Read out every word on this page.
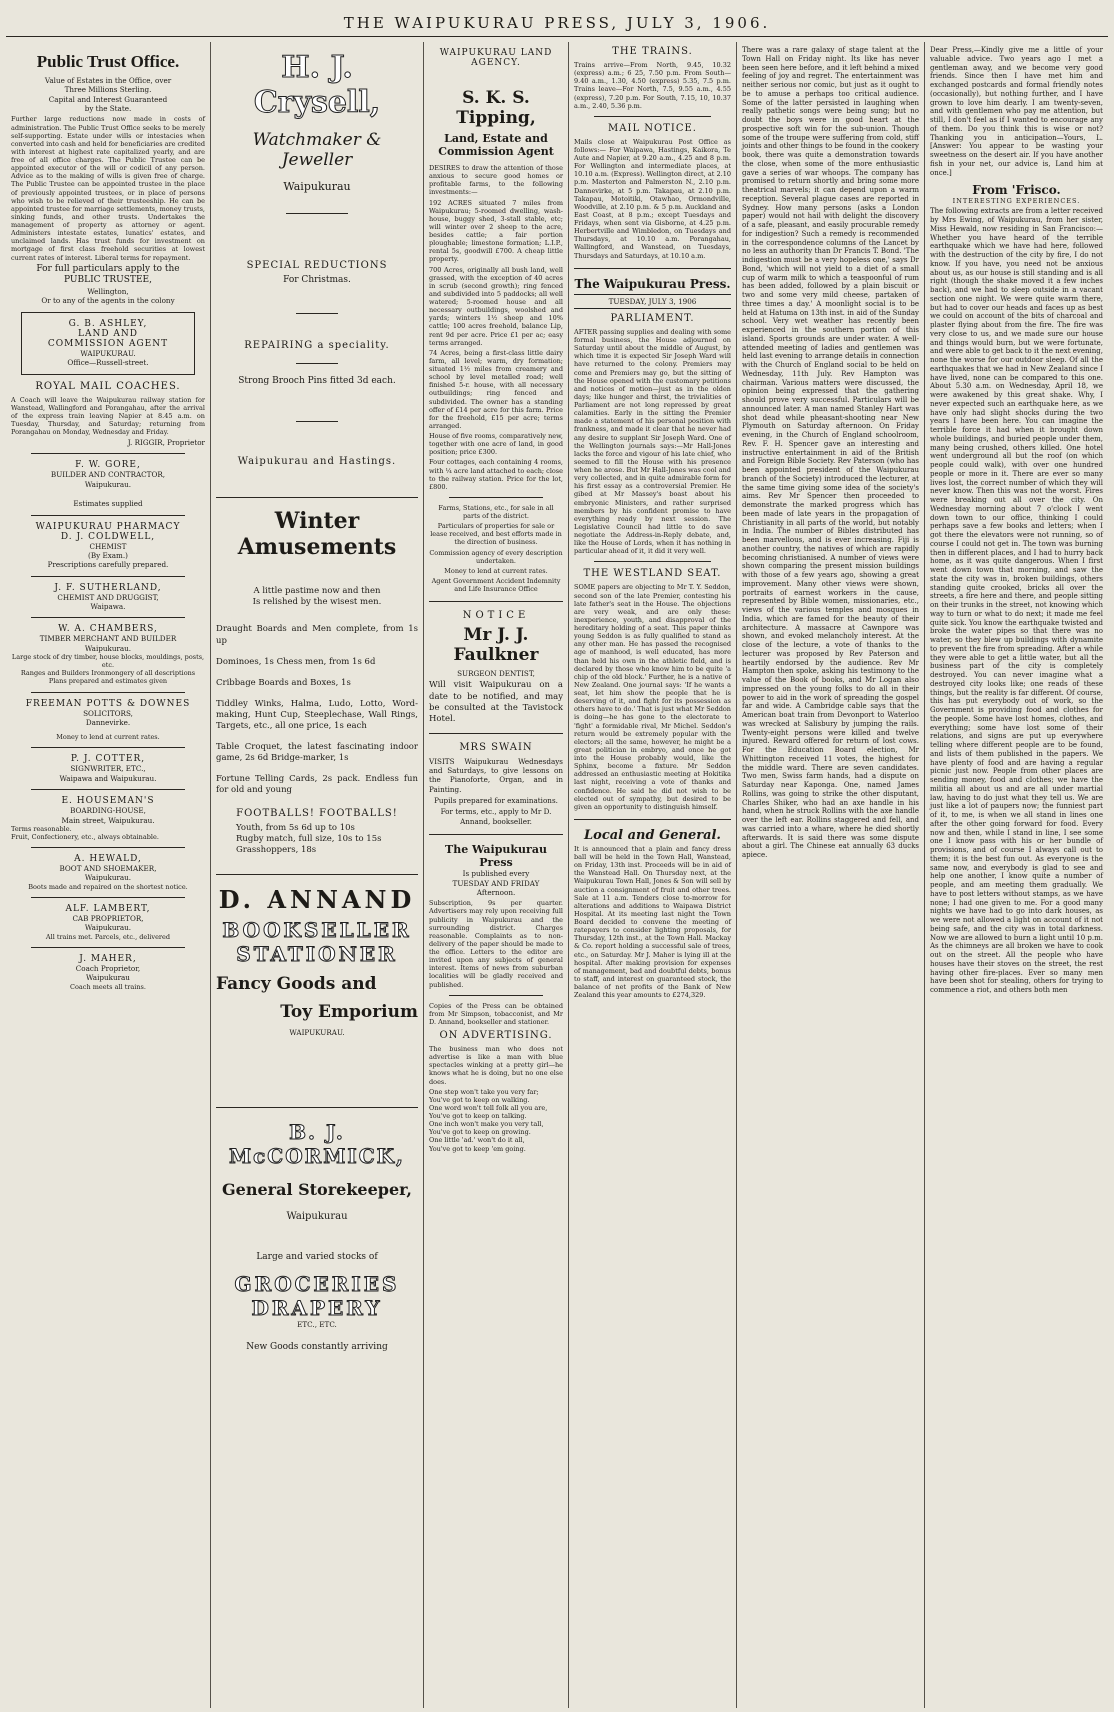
THE WAIPUKURAU PRESS, JULY 3, 1906.
Public Trust Office.
Value of Estates in the Office, over
Three Millions Sterling.
Capital and Interest Guaranteed
by the State.

Further large reductions now made in costs of administration. The Public Trust Office seeks to be merely self-supporting. Estate under wills or intestacies when converted into cash and held for beneficiaries are credited with interest at highest rate capitalized yearly, and are free of all office charges. The Public Trustee can be appointed executor of the will or codicil of any person. Advice as to the making of wills is given free of charge. The Public Trustee can be appointed trustee in the place of previously appointed trustees, or in place of persons who wish to be relieved of their trusteeship. He can be appointed trustee for marriage settlements, money trusts, sinking funds, and other trusts. Undertakes the management of property as attorney or agent. Administers intestate estates, lunatics' estates, and unclaimed lands. Has trust funds for investment on mortgage of first class freehold securities at lowest current rates of interest. Liberal terms for repayment.

For full particulars apply to the
PUBLIC TRUSTEE,
Wellington,
Or to any of the agents in the colony
G. B. ASHLEY,
LAND AND
COMMISSION AGENT
WAIPUKURAU.
Office—Russell-street.
ROYAL MAIL COACHES.

A Coach will leave the Waipukurau railway station for Wanstead, Wallingford and Porangahau, after the arrival of the express train leaving Napier at 8.45 a.m. on Tuesday, Thursday, and Saturday; returning from Porangahau on Monday, Wednesday and Friday.

J. RIGGIR, Proprietor
F. W. GORE,
BUILDER AND CONTRACTOR,
Waipukurau.
Estimates supplied
WAIPUKURAU PHARMACY
D. J. COLDWELL,
CHEMIST
(By Exam.)
Prescriptions carefully prepared.
J. F. SUTHERLAND,
CHEMIST AND DRUGGIST,
Waipawa.
W. A. CHAMBERS,
TIMBER MERCHANT AND BUILDER
Waipukurau.
Large stock of dry timber, house blocks, mouldings, posts, etc.
Ranges and Builders Ironmongery of all descriptions
Plans prepared and estimates given
FREEMAN POTTS & DOWNES
SOLICITORS,
Dannevirke.
Money to lend at current rates.
P. J. COTTER,
SIGNWRITER, ETC.,
Waipawa and Waipukurau.
E. HOUSEMAN'S
BOARDING-HOUSE,
Main street, Waipukurau.
Terms reasonable.
Fruit, Confectionery, etc., always obtainable.
A. HEWALD,
BOOT AND SHOEMAKER,
Waipukurau.
Boots made and repaired on the shortest notice.
ALF. LAMBERT,
CAB PROPRIETOR,
Waipukurau.
All trains met. Parcels, etc., delivered
J. MAHER,
Coach Proprietor,
Waipukurau
Coach meets all trains.
H. J. Crysell,
Watchmaker & Jeweller
Waipukurau
SPECIAL REDUCTIONS
For Christmas.
REPAIRING a speciality.
Strong Brooch Pins fitted 3d each.
Waipukurau and Hastings.
Winter Amusements
A little pastime now and then
Is relished by the wisest men.

Draught Boards and Men complete, from 1s up

Dominoes, 1s Chess men, from 1s 6d

Cribbage Boards and Boxes, 1s

Tiddley Winks, Halma, Ludo, Lotto, Word-making, Hunt Cup, Steeplechase, Wall Rings, Targets, etc., all one price, 1s each

Table Croquet, the latest fascinating indoor game, 2s 6d Bridge-marker, 1s

Fortune Telling Cards, 2s pack. Endless fun for old and young

FOOTBALLS! FOOTBALLS!
Youth, from 5s 6d up to 10s
Rugby match, full size, 10s to 15s
Grasshoppers, 18s
D. ANNAND
BOOKSELLER
STATIONER
Fancy Goods and
Toy Emporium
WAIPUKURAU.
B. J. McCORMICK,
General Storekeeper,
Waipukurau
Large and varied stocks of
GROCERIES
DRAPERY
ETC., ETC.
New Goods constantly arriving
WAIPUKURAU LAND
AGENCY.
S. K. S. Tipping,
Land, Estate and
Commission Agent

DESIRES to draw the attention of those anxious to secure good homes or profitable farms, to the following investments:—

192 ACRES situated 7 miles from Waipukurau; 5-roomed dwelling, wash-house, buggy shed, 3-stall stable, etc; will winter over 2 sheep to the acre, besides cattle; a fair portion ploughable; limestone formation; L.I.P., rental 5s, goodwill £700. A cheap little property.

700 Acres, originally all bush land, well grassed, with the exception of 40 acres in scrub (second growth); ring fenced and subdivided into 5 paddocks; all well watered; 5-roomed house and all necessary outbuildings, woolshed and yards; winters 1½ sheep and 10% cattle; 100 acres freehold, balance Lip, rent 9d per acre. Price £1 per ac; easy terms arranged.

74 Acres, being a first-class little dairy farm, all level; warm, dry formation; situated 1½ miles from creamery and school by level metalled road; well finished 5-r. house, with all necessary outbuildings; ring fenced and subdivided. The owner has a standing offer of £14 per acre for this farm. Price for the freehold, £15 per acre; terms arranged.

House of five rooms, comparatively new, together with one acre of land, in good position; price £300.

Four cottages, each containing 4 rooms, with ¼ acre land attached to each; close to the railway station. Price for the lot, £800.

Farms, Stations, etc., for sale in all parts of the district.

Particulars of properties for sale or lease received, and best efforts made in the direction of business.

Commission agency of every description undertaken.

Money to lend at current rates.

Agent Government Accident Indemnity and Life Insurance Office

NOTICE
Mr J. J. Faulkner
SURGEON DENTIST,

Will visit Waipukurau on a date to be notified, and may be consulted at the Tavistock Hotel.

MRS SWAIN

VISITS Waipukurau Wednesdays and Saturdays, to give lessons on the Pianoforte, Organ, and in Painting.

Pupils prepared for examinations.

For terms, etc., apply to Mr D. Annand, bookseller.

The Waipukurau Press
Is published every
TUESDAY AND FRIDAY
Afternoon.

Subscription, 9s per quarter. Advertisers may rely upon receiving full publicity in Waipukurau and the surrounding district. Charges reasonable. Complaints as to non-delivery of the paper should be made to the office. Letters to the editor are invited upon any subjects of general interest. Items of news from suburban localities will be gladly received and published.

Copies of the Press can be obtained from Mr Simpson, tobacconist, and Mr D. Annand, bookseller and stationer.

ON ADVERTISING.

The business man who does not advertise is like a man with blue spectacles winking at a pretty girl—he knows what he is doing, but no one else does.

One step won't take you very far;
You've got to keep on walking.
One word won't tell folk all you are,
You've got to keep on talking.
One inch won't make you very tall,
You've got to keep on growing.
One little 'ad.' won't do it all,
You've got to keep 'em going.
THE TRAINS.

Trains arrive—From North, 9.45, 10.32 (express) a.m.; 6 25, 7.50 p.m. From South—9.40 a.m., 1.30, 4.50 (express) 5.35, 7.5 p.m. Trains leave—For North, 7.5, 9.55 a.m., 4.55 (express), 7.20 p.m. For South, 7.15, 10, 10.37 a.m., 2.40, 5.36 p.m.

MAIL NOTICE.

Mails close at Waipukurau Post Office as follows:— For Waipawa, Hastings, Kaikora, Te Aute and Napier, at 9.20 a.m., 4.25 and 8 p.m. For Wellington and intermediate places, at 10.10 a.m. (Express). Wellington direct, at 2.10 p.m. Masterton and Palmerston N., 2.10 p.m. Dannevirke, at 5 p.m. Takapau, at 2.10 p.m. Takapau, Motoitiki, Otawhao, Ormondville, Woodville, at 2.10 p.m. & 5 p.m. Auckland and East Coast, at 8 p.m.; except Tuesdays and Fridays, when sent via Gisborne, at 4.25 p.m. Herbertville and Wimbledon, on Tuesdays and Thursdays, at 10.10 a.m. Porangahau, Wallingford, and Wanstead, on Tuesdays, Thursdays and Saturdays, at 10.10 a.m.

The Waipukurau Press.
TUESDAY, JULY 3, 1906
PARLIAMENT.

AFTER passing supplies and dealing with some formal business, the House adjourned on Saturday until about the middle of August, by which time it is expected Sir Joseph Ward will have returned to the colony. Premiers may come and Premiers may go, but the sitting of the House opened with the customary petitions and notices of motion—just as in the olden days; like hunger and thirst, the trivialities of Parliament are not long repressed by great calamities. Early in the sitting the Premier made a statement of his personal position with frankness, and made it clear that he never had any desire to supplant Sir Joseph Ward. One of the Wellington journals says:—Mr Hall-Jones lacks the force and vigour of his late chief, who seemed to fill the House with his presence when he arose. But Mr Hall-Jones was cool and very collected, and in quite admirable form for his first essay as a controversial Premier. He gibed at Mr Massey's boast about his embryonic Ministers, and rather surprised members by his confident promise to have everything ready by next session. The Legislative Council had little to do save negotiate the Address-in-Reply debate, and, like the House of Lords, when it has nothing in particular ahead of it, it did it very well.

THE WESTLAND SEAT.

SOME papers are objecting to Mr T. Y. Seddon, second son of the late Premier, contesting his late father's seat in the House. The objections are very weak, and are only these: inexperience, youth, and disapproval of the hereditary holding of a seat. This paper thinks young Seddon is as fully qualified to stand as any other man. He has passed the recognised age of manhood, is well educated, has more than held his own in the athletic field, and is declared by those who know him to be quite 'a chip of the old block.' Further, he is a native of New Zealand. One journal says: 'If he wants a seat, let him show the people that he is deserving of it, and fight for its possession as others have to do.' That is just what Mr Seddon is doing—he has gone to the electorate to 'fight' a formidable rival, Mr Michel. Seddon's return would be extremely popular with the electors; all the same, however, he might be a great politician in embryo, and once he got into the House probably would, like the Sphinx, become a fixture. Mr Seddon addressed an enthusiastic meeting at Hokitika last night, receiving a vote of thanks and confidence. He said he did not wish to be elected out of sympathy, but desired to be given an opportunity to distinguish himself.

Local and General.

It is announced that a plain and fancy dress ball will be held in the Town Hall, Wanstead, on Friday, 13th inst. Proceeds will be in aid of the Wanstead Hall. On Thursday next, at the Waipukurau Town Hall, Jones & Son will sell by auction a consignment of fruit and other trees. Sale at 11 a.m. Tenders close to-morrow for alterations and additions to Waipawa District Hospital. At its meeting last night the Town Board decided to convene the meeting of ratepayers to consider lighting proposals, for Thursday, 12th inst., at the Town Hall. Mackay & Co. report holding a successful sale of trees, etc., on Saturday. Mr J. Maher is lying ill at the hospital. After making provision for expenses of management, bad and doubtful debts, bonus to staff, and interest on guaranteed stock, the balance of net profits of the Bank of New Zealand this year amounts to £274,329.

There was a rare galaxy of stage talent at the Town Hall on Friday night. Its like has never been seen here before, and it left behind a mixed feeling of joy and regret. The entertainment was neither serious nor comic, but just as it ought to be to amuse a perhaps too critical audience. Some of the latter persisted in laughing when really pathetic songs were being sung; but no doubt the boys were in good heart at the prospective soft win for the sub-union. Though some of the troupe were suffering from cold, stiff joints and other things to be found in the cookery book, there was quite a demonstration towards the close, when some of the more enthusiastic gave a series of war whoops. The company has promised to return shortly and bring some more theatrical marvels; it can depend upon a warm reception. Several plague cases are reported in Sydney. How many persons (asks a London paper) would not hail with delight the discovery of a safe, pleasant, and easily procurable remedy for indigestion? Such a remedy is recommended in the correspondence columns of the Lancet by no less an authority than Dr Francis T. Bond. 'The indigestion must be a very hopeless one,' says Dr Bond, 'which will not yield to a diet of a small cup of warm milk to which a teaspoonful of rum has been added, followed by a plain biscuit or two and some very mild cheese, partaken of three times a day.' A moonlight social is to be held at Hatuma on 13th inst. in aid of the Sunday school. Very wet weather has recently been experienced in the southern portion of this island. Sports grounds are under water. A well-attended meeting of ladies and gentlemen was held last evening to arrange details in connection with the Church of England social to be held on Wednesday, 11th July. Rev Hampton was chairman. Various matters were discussed, the opinion being expressed that the gathering should prove very successful. Particulars will be announced later. A man named Stanley Hart was shot dead while pheasant-shooting near New Plymouth on Saturday afternoon. On Friday evening, in the Church of England schoolroom, Rev. F. H. Spencer gave an interesting and instructive entertainment in aid of the British and Foreign Bible Society. Rev Paterson (who has been appointed president of the Waipukurau branch of the Society) introduced the lecturer, at the same time giving some idea of the society's aims. Rev Mr Spencer then proceeded to demonstrate the marked progress which has been made of late years in the propagation of Christianity in all parts of the world, but notably in India. The number of Bibles distributed has been marvellous, and is ever increasing. Fiji is another country, the natives of which are rapidly becoming christianised. A number of views were shown comparing the present mission buildings with those of a few years ago, showing a great improvement. Many other views were shown, portraits of earnest workers in the cause, represented by Bible women, missionaries, etc., views of the various temples and mosques in India, which are famed for the beauty of their architecture. A massacre at Cawnpore was shown, and evoked melancholy interest. At the close of the lecture, a vote of thanks to the lecturer was proposed by Rev Paterson and heartily endorsed by the audience. Rev Mr Hampton then spoke, asking his testimony to the value of the Book of books, and Mr Logan also impressed on the young folks to do all in their power to aid in the work of spreading the gospel far and wide. A Cambridge cable says that the American boat train from Devonport to Waterloo was wrecked at Salisbury by jumping the rails. Twenty-eight persons were killed and twelve injured. Reward offered for return of lost cows. For the Education Board election, Mr Whittington received 11 votes, the highest for the middle ward. There are seven candidates. Two men, Swiss farm hands, had a dispute on Saturday near Kaponga. One, named James Rollins, was going to strike the other disputant, Charles Shiker, who had an axe handle in his hand, when he struck Rollins with the axe handle over the left ear. Rollins staggered and fell, and was carried into a whare, where he died shortly afterwards. It is said there was some dispute about a girl. The Chinese eat annually 63 ducks apiece.

Dear Press,—Kindly give me a little of your valuable advice. Two years ago I met a gentleman away, and we become very good friends. Since then I have met him and exchanged postcards and formal friendly notes (occasionally), but nothing further, and I have grown to love him dearly. I am twenty-seven, and with gentlemen who pay me attention, but still, I don't feel as if I wanted to encourage any of them. Do you think this is wise or not? Thanking you in anticipation—Yours, L. [Answer: You appear to be wasting your sweetness on the desert air. If you have another fish in your net, our advice is, Land him at once.]

From 'Frisco.
INTERESTING EXPERIENCES.

The following extracts are from a letter received by Mrs Ewing, of Waipukurau, from her sister, Miss Hewald, now residing in San Francisco:— Whether you have heard of the terrible earthquake which we have had here, followed with the destruction of the city by fire, I do not know. If you have, you need not be anxious about us, as our house is still standing and is all right (though the shake moved it a few inches back), and we had to sleep outside in a vacant section one night. We were quite warm there, but had to cover our heads and faces up as best we could on account of the bits of charcoal and plaster flying about from the fire. The fire was very close to us, and we made sure our house and things would burn, but we were fortunate, and were able to get back to it the next evening, none the worse for our outdoor sleep. Of all the earthquakes that we had in New Zealand since I have lived, none can be compared to this one. About 5.30 a.m. on Wednesday, April 18, we were awakened by this great shake. Why, I never expected such an earthquake here, as we have only had slight shocks during the two years I have been here. You can imagine the terrible force it had when it brought down whole buildings, and buried people under them, many being crushed, others killed. One hotel went underground all but the roof (on which people could walk), with over one hundred people or more in it. There are ever so many lives lost, the correct number of which they will never know. Then this was not the worst. Fires were breaking out all over the city. On Wednesday morning about 7 o'clock I went down town to our office, thinking I could perhaps save a few books and letters; when I got there the elevators were not running, so of course I could not get in. The town was burning then in different places, and I had to hurry back home, as it was quite dangerous. When I first went down town that morning, and saw the state the city was in, broken buildings, others standing quite crooked, bricks all over the streets, a fire here and there, and people sitting on their trunks in the street, not knowing which way to turn or what to do next; it made me feel quite sick. You know the earthquake twisted and broke the water pipes so that there was no water, so they blew up buildings with dynamite to prevent the fire from spreading. After a while they were able to get a little water, but all the business part of the city is completely destroyed. You can never imagine what a destroyed city looks like; one reads of these things, but the reality is far different. Of course, this has put everybody out of work, so the Government is providing food and clothes for the people. Some have lost homes, clothes, and everything; some have lost some of their relations, and signs are put up everywhere telling where different people are to be found, and lists of them published in the papers. We have plenty of food and are having a regular picnic just now. People from other places are sending money, food and clothes; we have the militia all about us and are all under martial law, having to do just what they tell us. We are just like a lot of paupers now; the funniest part of it, to me, is when we all stand in lines one after the other going forward for food. Every now and then, while I stand in line, I see some one I know pass with his or her bundle of provisions, and of course I always call out to them; it is the best fun out. As everyone is the same now, and everybody is glad to see and help one another, I know quite a number of people, and am meeting them gradually. We have to post letters without stamps, as we have none; I had one given to me. For a good many nights we have had to go into dark houses, as we were not allowed a light on account of it not being safe, and the city was in total darkness. Now we are allowed to burn a light until 10 p.m. As the chimneys are all broken we have to cook out on the street. All the people who have houses have their stoves on the street, the rest having other fire-places. Ever so many men have been shot for stealing, others for trying to commence a riot, and others both men
